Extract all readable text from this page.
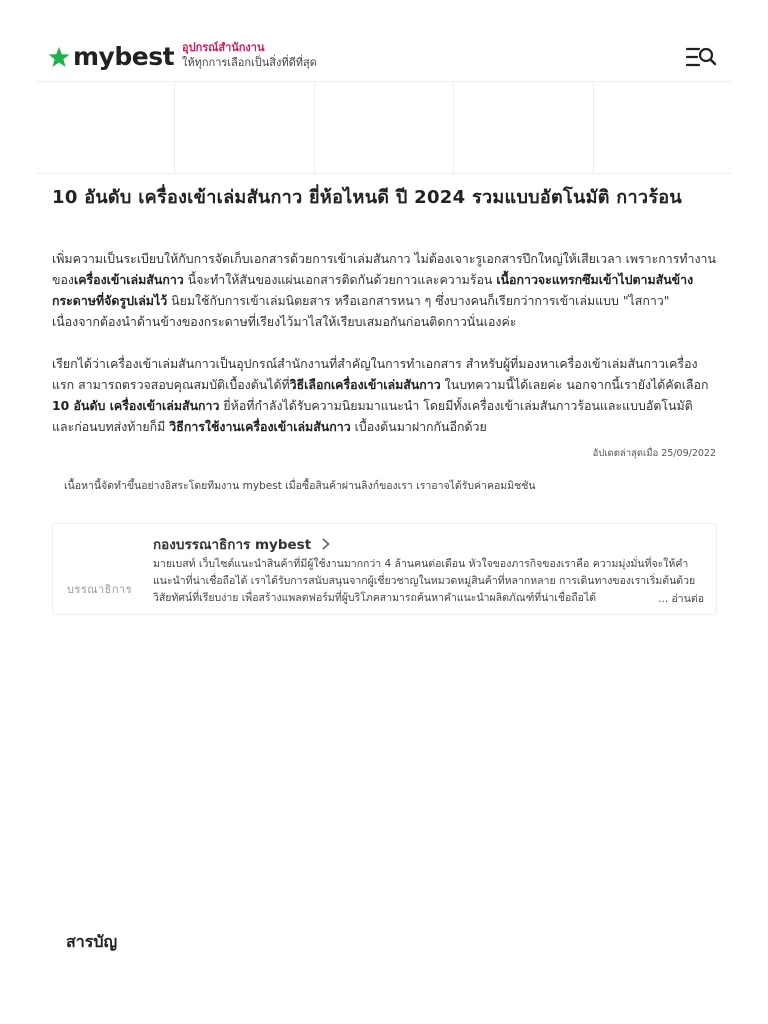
mybest อุปกรณ์สำนักงาน
ให้ทุกการเลือกเป็นสิ่งที่ดีที่สุด
10 อันดับ เครื่องเข้าเล่มสันกาว ยี่ห้อไหนดี ปี 2024 รวมแบบอัตโนมัติ กาวร้อน

เพิ่มความเป็นระเบียบให้กับการจัดเก็บเอกสารด้วยการเข้าเล่มสันกาว ไม่ต้องเจาะรูเอกสารปึกใหญ่ให้เสียเวลา เพราะการทำงานของเครื่องเข้าเล่มสันกาว นี้จะทำให้สันของแผ่นเอกสารติดกันด้วยกาวและความร้อน เนื้อกาวจะแทรกซึมเข้าไปตามสันข้างกระดาษที่จัดรูปเล่มไว้ นิยมใช้กับการเข้าเล่มนิตยสาร หรือเอกสารหนา ๆ ซึ่งบางคนก็เรียกว่าการเข้าเล่มแบบ "ไสกาว" เนื่องจากต้องนำด้านข้างของกระดาษที่เรียงไว้มาไสให้เรียบเสมอกันก่อนติดกาวนั่นเองค่ะ

เรียกได้ว่าเครื่องเข้าเล่มสันกาวเป็นอุปกรณ์สำนักงานที่สำคัญในการทำเอกสาร สำหรับผู้ที่มองหาเครื่องเข้าเล่มสันกาวเครื่องแรก สามารถตรวจสอบคุณสมบัติเบื้องต้นได้ที่วิธีเลือกเครื่องเข้าเล่มสันกาว ในบทความนี้ได้เลยค่ะ นอกจากนี้เรายังได้คัดเลือก 10 อันดับ เครื่องเข้าเล่มสันกาว ยี่ห้อที่กำลังได้รับความนิยมมาแนะนำ โดยมีทั้งเครื่องเข้าเล่มสันกาวร้อนและแบบอัตโนมัติ และก่อนบทส่งท้ายก็มี วิธีการใช้งานเครื่องเข้าเล่มสันกาว เบื้องต้นมาฝากกันอีกด้วย

อัปเดตล่าสุดเมื่อ 25/09/2022
เนื้อหานี้จัดทำขึ้นอย่างอิสระโดยทีมงาน mybest เมื่อซื้อสินค้าผ่านลิงก์ของเรา เราอาจได้รับค่าคอมมิชชัน
บรรณาธิการ
กองบรรณาธิการ mybest
มายเบสท์ เว็บไซต์แนะนำสินค้าที่มีผู้ใช้งานมากกว่า 4 ล้านคนต่อเดือน หัวใจของภารกิจของเราคือ ความมุ่งมั่นที่จะให้คำแนะนำที่น่าเชื่อถือได้ เราได้รับการสนับสนุนจากผู้เชี่ยวชาญในหมวดหมู่สินค้าที่หลากหลาย การเดินทางของเราเริ่มต้นด้วยวิสัยทัศน์ที่เรียบง่าย เพื่อสร้างแพลตฟอร์มที่ผู้บริโภคสามารถค้นหาคำแนะนำผลิตภัณฑ์ที่น่าเชื่อถือได้	... อ่านต่อ
สารบัญ
